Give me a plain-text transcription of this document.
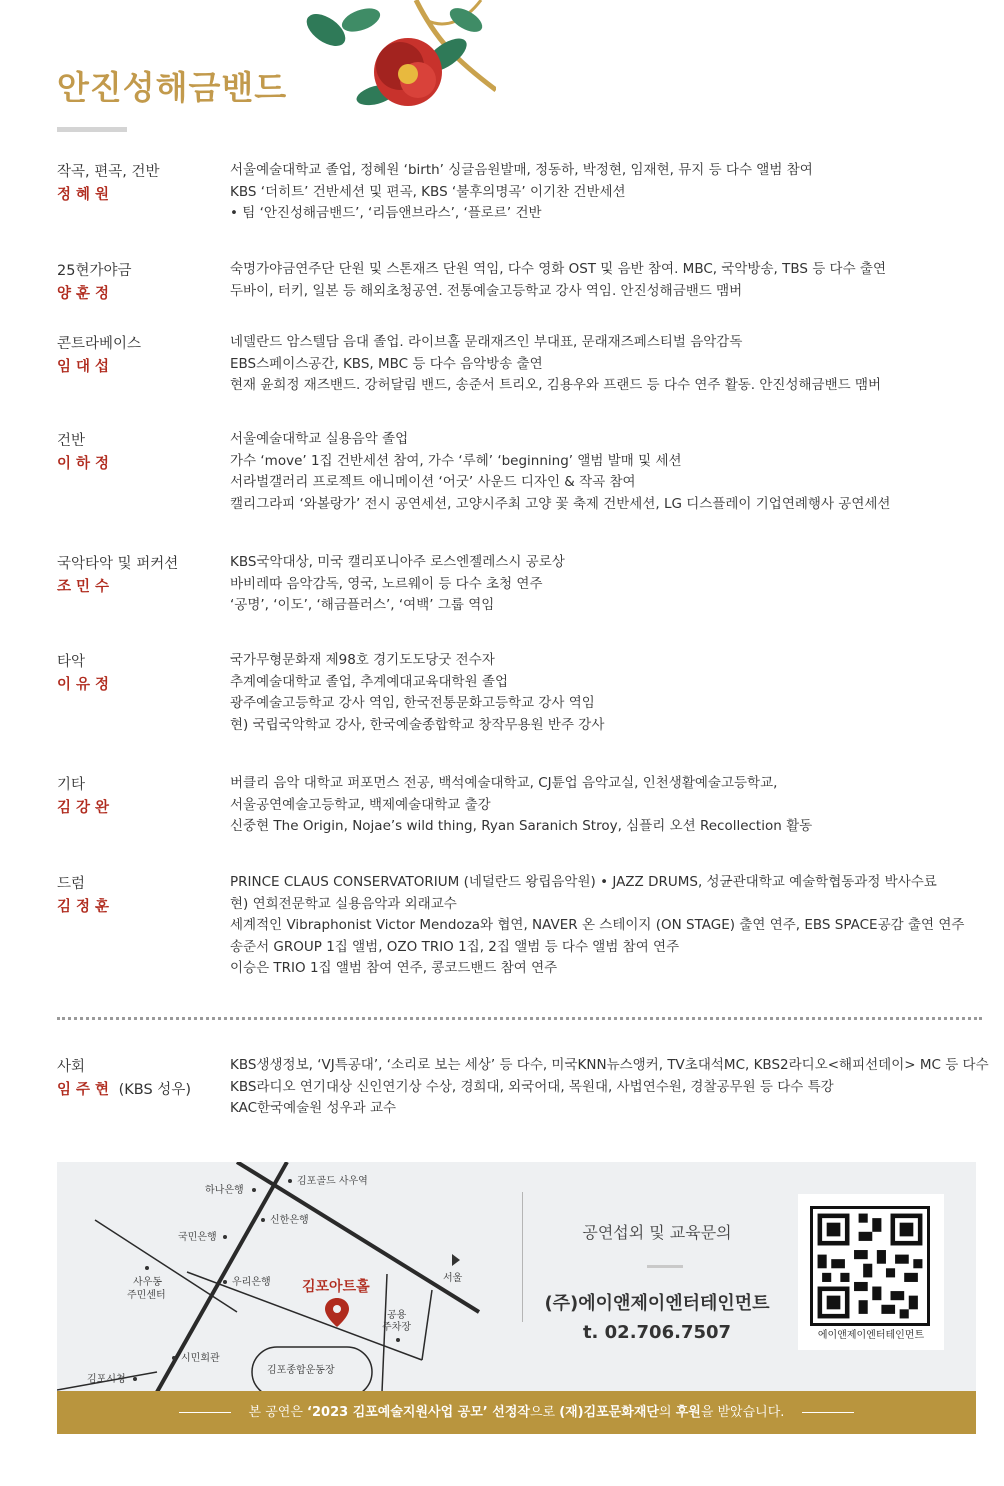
안진성해금밴드
작곡, 편곡, 건반
정혜원
서울예술대학교 졸업, 정혜원 ‘birth’ 싱글음원발매, 정동하, 박정현, 임재현, 뮤지 등 다수 앨범 참여
KBS ‘더히트’ 건반세션 및 편곡, KBS ‘불후의명곡’ 이기찬 건반세션
• 팀 ‘안진성해금밴드’, ‘리듬앤브라스’, ‘플로르’ 건반
25현가야금
양훈정
숙명가야금연주단 단원 및 스톤재즈 단원 역임, 다수 영화 OST 및 음반 참여. MBC, 국악방송, TBS 등 다수 출연
두바이, 터키, 일본 등 해외초청공연. 전통예술고등학교 강사 역임. 안진성해금밴드 맴버
콘트라베이스
임대섭
네델란드 암스텔담 음대 졸업. 라이브홀 문래재즈인 부대표, 문래재즈페스티벌 음악감독
EBS스페이스공간, KBS, MBC 등 다수 음악방송 출연
현재 윤희정 재즈밴드. 강허달림 밴드, 송준서 트리오, 김용우와 프랜드 등 다수 연주 활동. 안진성해금밴드 맴버
건반
이하정
서울예술대학교 실용음악 졸업
가수 ‘move’ 1집 건반세션 참여, 가수 ‘루헤’ ‘beginning’ 앨범 발매 및 세션
서라벌갤러리 프로젝트 애니메이션 ‘어굿’ 사운드 디자인 & 작곡 참여
캘리그라피 ‘와볼랑가’ 전시 공연세션, 고양시주최 고양 꽃 축제 건반세션, LG 디스플레이 기업연례행사 공연세션
국악타악 및 퍼커션
조민수
KBS국악대상, 미국 캘리포니아주 로스엔젤레스시 공로상
바비레따 음악감독, 영국, 노르웨이 등 다수 초청 연주
‘공명’, ‘이도’, ‘해금플러스’, ‘여백’ 그룹 역임
타악
이유정
국가무형문화재 제98호 경기도도당굿 전수자
추계예술대학교 졸업, 추계예대교육대학원 졸업
광주예술고등학교 강사 역임, 한국전통문화고등학교 강사 역임
현) 국립국악학교 강사, 한국예술종합학교 창작무용원 반주 강사
기타
김강완
버클리 음악 대학교 퍼포먼스 전공, 백석예술대학교, CJ튠업 음악교실, 인천생활예술고등학교,
서울공연예술고등학교, 백제예술대학교 출강
신중현 The Origin, Nojae’s wild thing, Ryan Saranich Stroy, 심플리 오션 Recollection 활동
드럼
김정훈
PRINCE CLAUS CONSERVATORIUM (네덜란드 왕립음악원) • JAZZ DRUMS, 성균관대학교 예술학협동과정 박사수료
현) 연희전문학교 실용음악과 외래교수
세계적인 Vibraphonist Victor Mendoza와 협연, NAVER 온 스테이지 (ON STAGE) 출연 연주, EBS SPACE공감 출연 연주
송준서 GROUP 1집 앨범, OZO TRIO 1집, 2집 앨범 등 다수 앨범 참여 연주
이승은 TRIO 1집 앨범 참여 연주, 콩코드밴드 참여 연주
사회
임주현 (KBS 성우)
KBS생생정보, ‘VJ특공대’, ‘소리로 보는 세상’ 등 다수, 미국KNN뉴스앵커, TV초대석MC, KBS2라디오<해피선데이> MC 등 다수
KBS라디오 연기대상 신인연기상 수상, 경희대, 외국어대, 목원대, 사법연수원, 경찰공무원 등 다수 특강
KAC한국예술원 성우과 교수
하나은행
김포골드 사우역
신한은행
국민은행
사우동
주민센터
우리은행 김포아트홀
서울
공용
주차장
시민회관
김포종합운동장
김포시청
공연섭외 및 교육문의
(주)에이앤제이엔터테인먼트
t. 02.706.7507	에이앤제이엔터테인먼트
본 공연은 ‘2023 김포예술지원사업 공모’ 선정작으로 (재)김포문화재단의 후원을 받았습니다.
